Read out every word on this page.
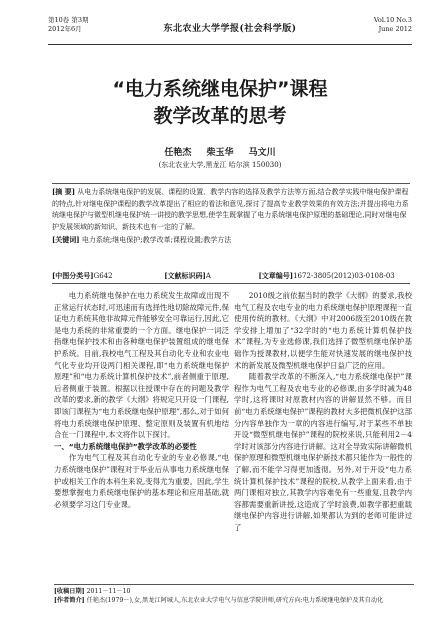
第10卷 第3期
2012年6月	东北农业大学学报(社会科学版)
Vol.10 No.3
June 2012
“电力系统继电保护”课程
教学改革的思考
任艳杰 柴玉华 马文川
(东北农业大学,黑龙江 哈尔滨 150030)
[摘 要] 从电力系统继电保护的发展、课程的设置、教学内容的选择及教学方法等方面,结合教学实践中继电保护课程的特点,针对继电保护课程的教学改革提出了相应的看法和意见,探讨了提高专业教学效果的有效方法;并提出将电力系统继电保护与微型机继电保护统一讲授的教学思想,使学生既掌握了电力系统继电保护原理的基础理论,同时对继电保护发展领域的新知识、新技术也有一定的了解。
[关键词] 电力系统;继电保护;教学改革;课程设置;教学方法
[中图分类号]G642	[文献标识码]A	[文章编号]1672-3805(2012)03-0108-03

电力系统继电保护在电力系统发生故障或出现不正常运行状态时,可迅速而有选择性地切除故障元件,保证电力系统其他非故障元件能够安全可靠运行,因此,它是电力系统的非常重要的一个方面。继电保护一词泛指继电保护技术和由各种继电保护装置组成的继电保护系统。目前,我校电气工程及其自动化专业和农业电气化专业均开设两门相关课程,即“电力系统继电保护原理”和“电力系统计算机保护技术”,前者侧重于原理,后者侧重于装置。根据以往授课中存在的问题及教学改革的要求,新的教学《大纲》将规定只开设一门课程,即该门课程为“电力系统继电保护原理”,那么,对于如何将电力系统继电保护原理、整定原则及装置有机地结合在一门课程中,本文将作以下探讨。

一、“电力系统继电保护”教学改革的必要性

作为电气工程及其自动化专业的专业必修课,“电力系统继电保护”课程对于毕业后从事电力系统继电保护或相关工作的本科生来说,变得尤为重要。因此,学生要想掌握电力系统继电保护的基本理论和应用基础,就必须要学习这门专业课。

2010级之前依据当时的教学《大纲》的要求,我校电气工程及农电专业的电力系统继电保护原理课程一直使用传统的教材。《大纲》中对2006级至2010级在教学安排上增加了“32学时的“电力系统计算机保护技术”课程,为专业选修课,我们选择了微型机继电保护基础作为授课教材,以便学生能对快速发展的继电保护技术的新发展及微型机继电保护日益广泛的应用。

随着教学改革的不断深入,“电力系统继电保护”课程作为电气工程及农电专业的必修课,由多学时减为48学时,这将课时对原教材内容的讲解显然不够。而目前“电力系统继电保护”课程的教材大多把微机保护这部分内容单独作为一章的内容进行编写,对于某些不单独开设“微型机继电保护”课程的院校来说,只能利用2－4学时对该部分内容进行讲解。这对全导致实际讲解微机保护原理和微型机继电保护新技术都只能作为一般性的了解,而不能学习得更加透彻。另外,对于开设“电力系统计算机保护技术”课程的院校,从教学上面来看,由于两门课相对独立,其教学内容难免有一些重复,且教学内容都需要重新讲授,这造成了学时浪费,如教学都把重载继电保护内容进行讲解,如果都认为到的老师可能讲过了

[收稿日期] 2011－11－10
[作者简介] 任艳杰(1979－),女,黑龙江阿城人,东北农业大学电气与信息学院讲师,研究方向:电力系统继电保护及其自动化
